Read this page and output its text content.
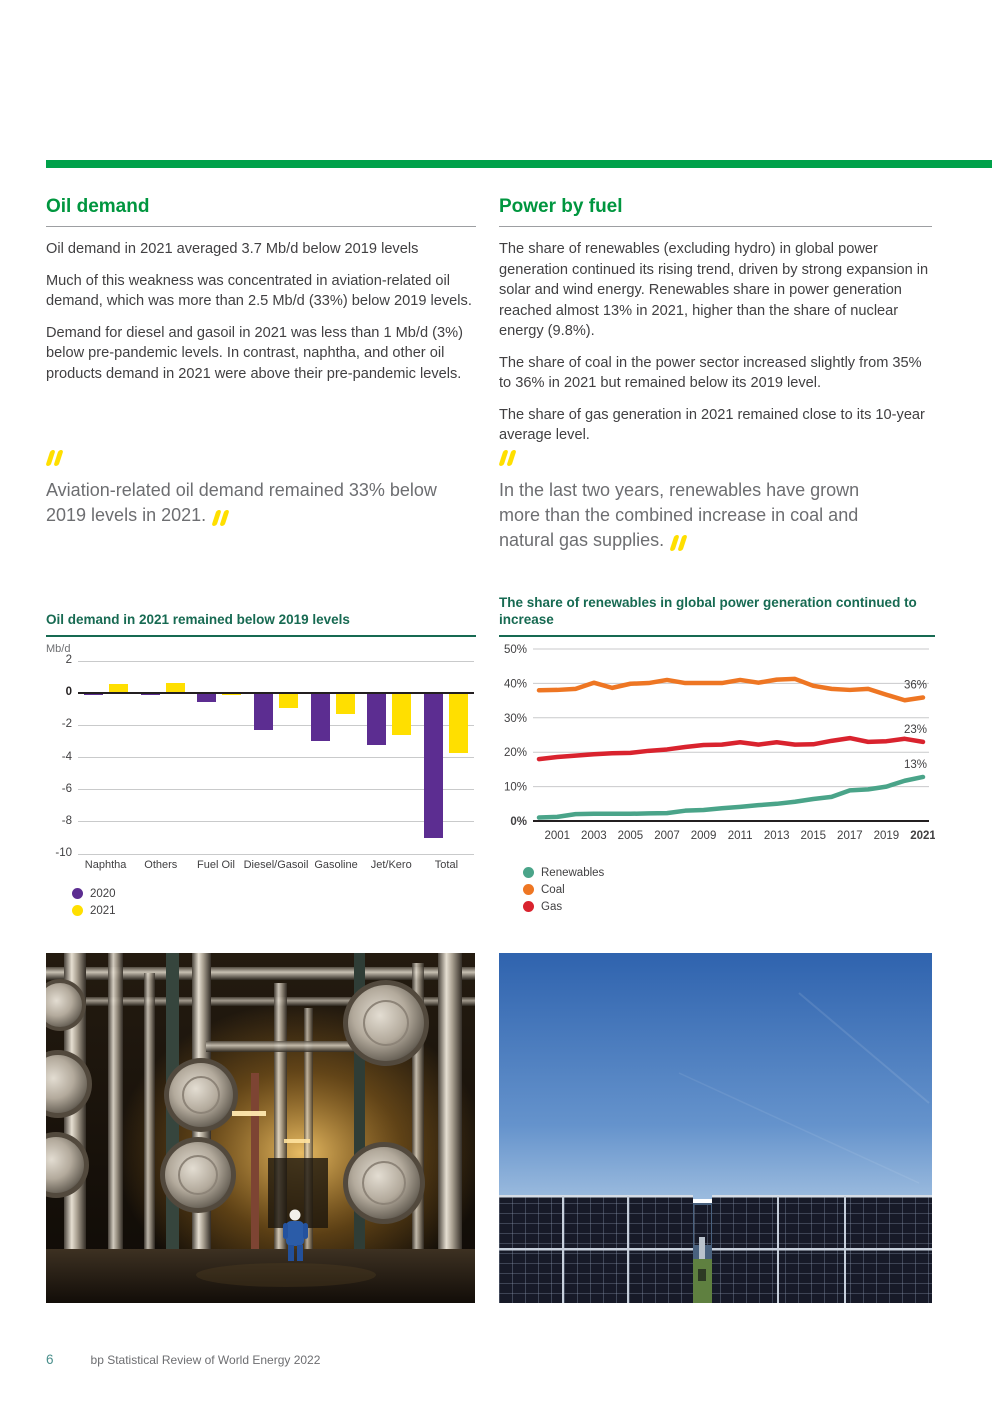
Oil demand

Oil demand in 2021 averaged 3.7 Mb/d below 2019 levels

Much of this weakness was concentrated in aviation-related oil demand, which was more than 2.5 Mb/d (33%) below 2019 levels.

Demand for diesel and gasoil in 2021 was less than 1 Mb/d (3%) below pre-pandemic levels. In contrast, naphtha, and other oil products demand in 2021 were above their pre-pandemic levels.

Power by fuel

The share of renewables (excluding hydro) in global power generation continued its rising trend, driven by strong expansion in solar and wind energy. Renewables share in power generation reached almost 13% in 2021, higher than the share of nuclear energy (9.8%).

The share of coal in the power sector increased slightly from 35% to 36% in 2021 but remained below its 2019 level.

The share of gas generation in 2021 remained close to its 10-year average level.

Aviation-related oil demand remained 33% below 2019 levels in 2021.

In the last two years, renewables have grown more than the combined increase in coal and natural gas supplies.

Oil demand in 2021 remained below 2019 levels
Mb/d
2
0
-2
-4
-6
-8
-10
Naphtha	Others	Fuel Oil Diesel/Gasoil Gasoline	Jet/Kero	Total
2020
2021
The share of renewables in global power generation continued to increase
0%
10%
20%
30%
40%
50%
2001 2003 2005 2007 2009 2011 2013 2015 2017 2019 2021
13%
36%
23%
Renewables
Coal
Gas
6	bp Statistical Review of World Energy 2022
